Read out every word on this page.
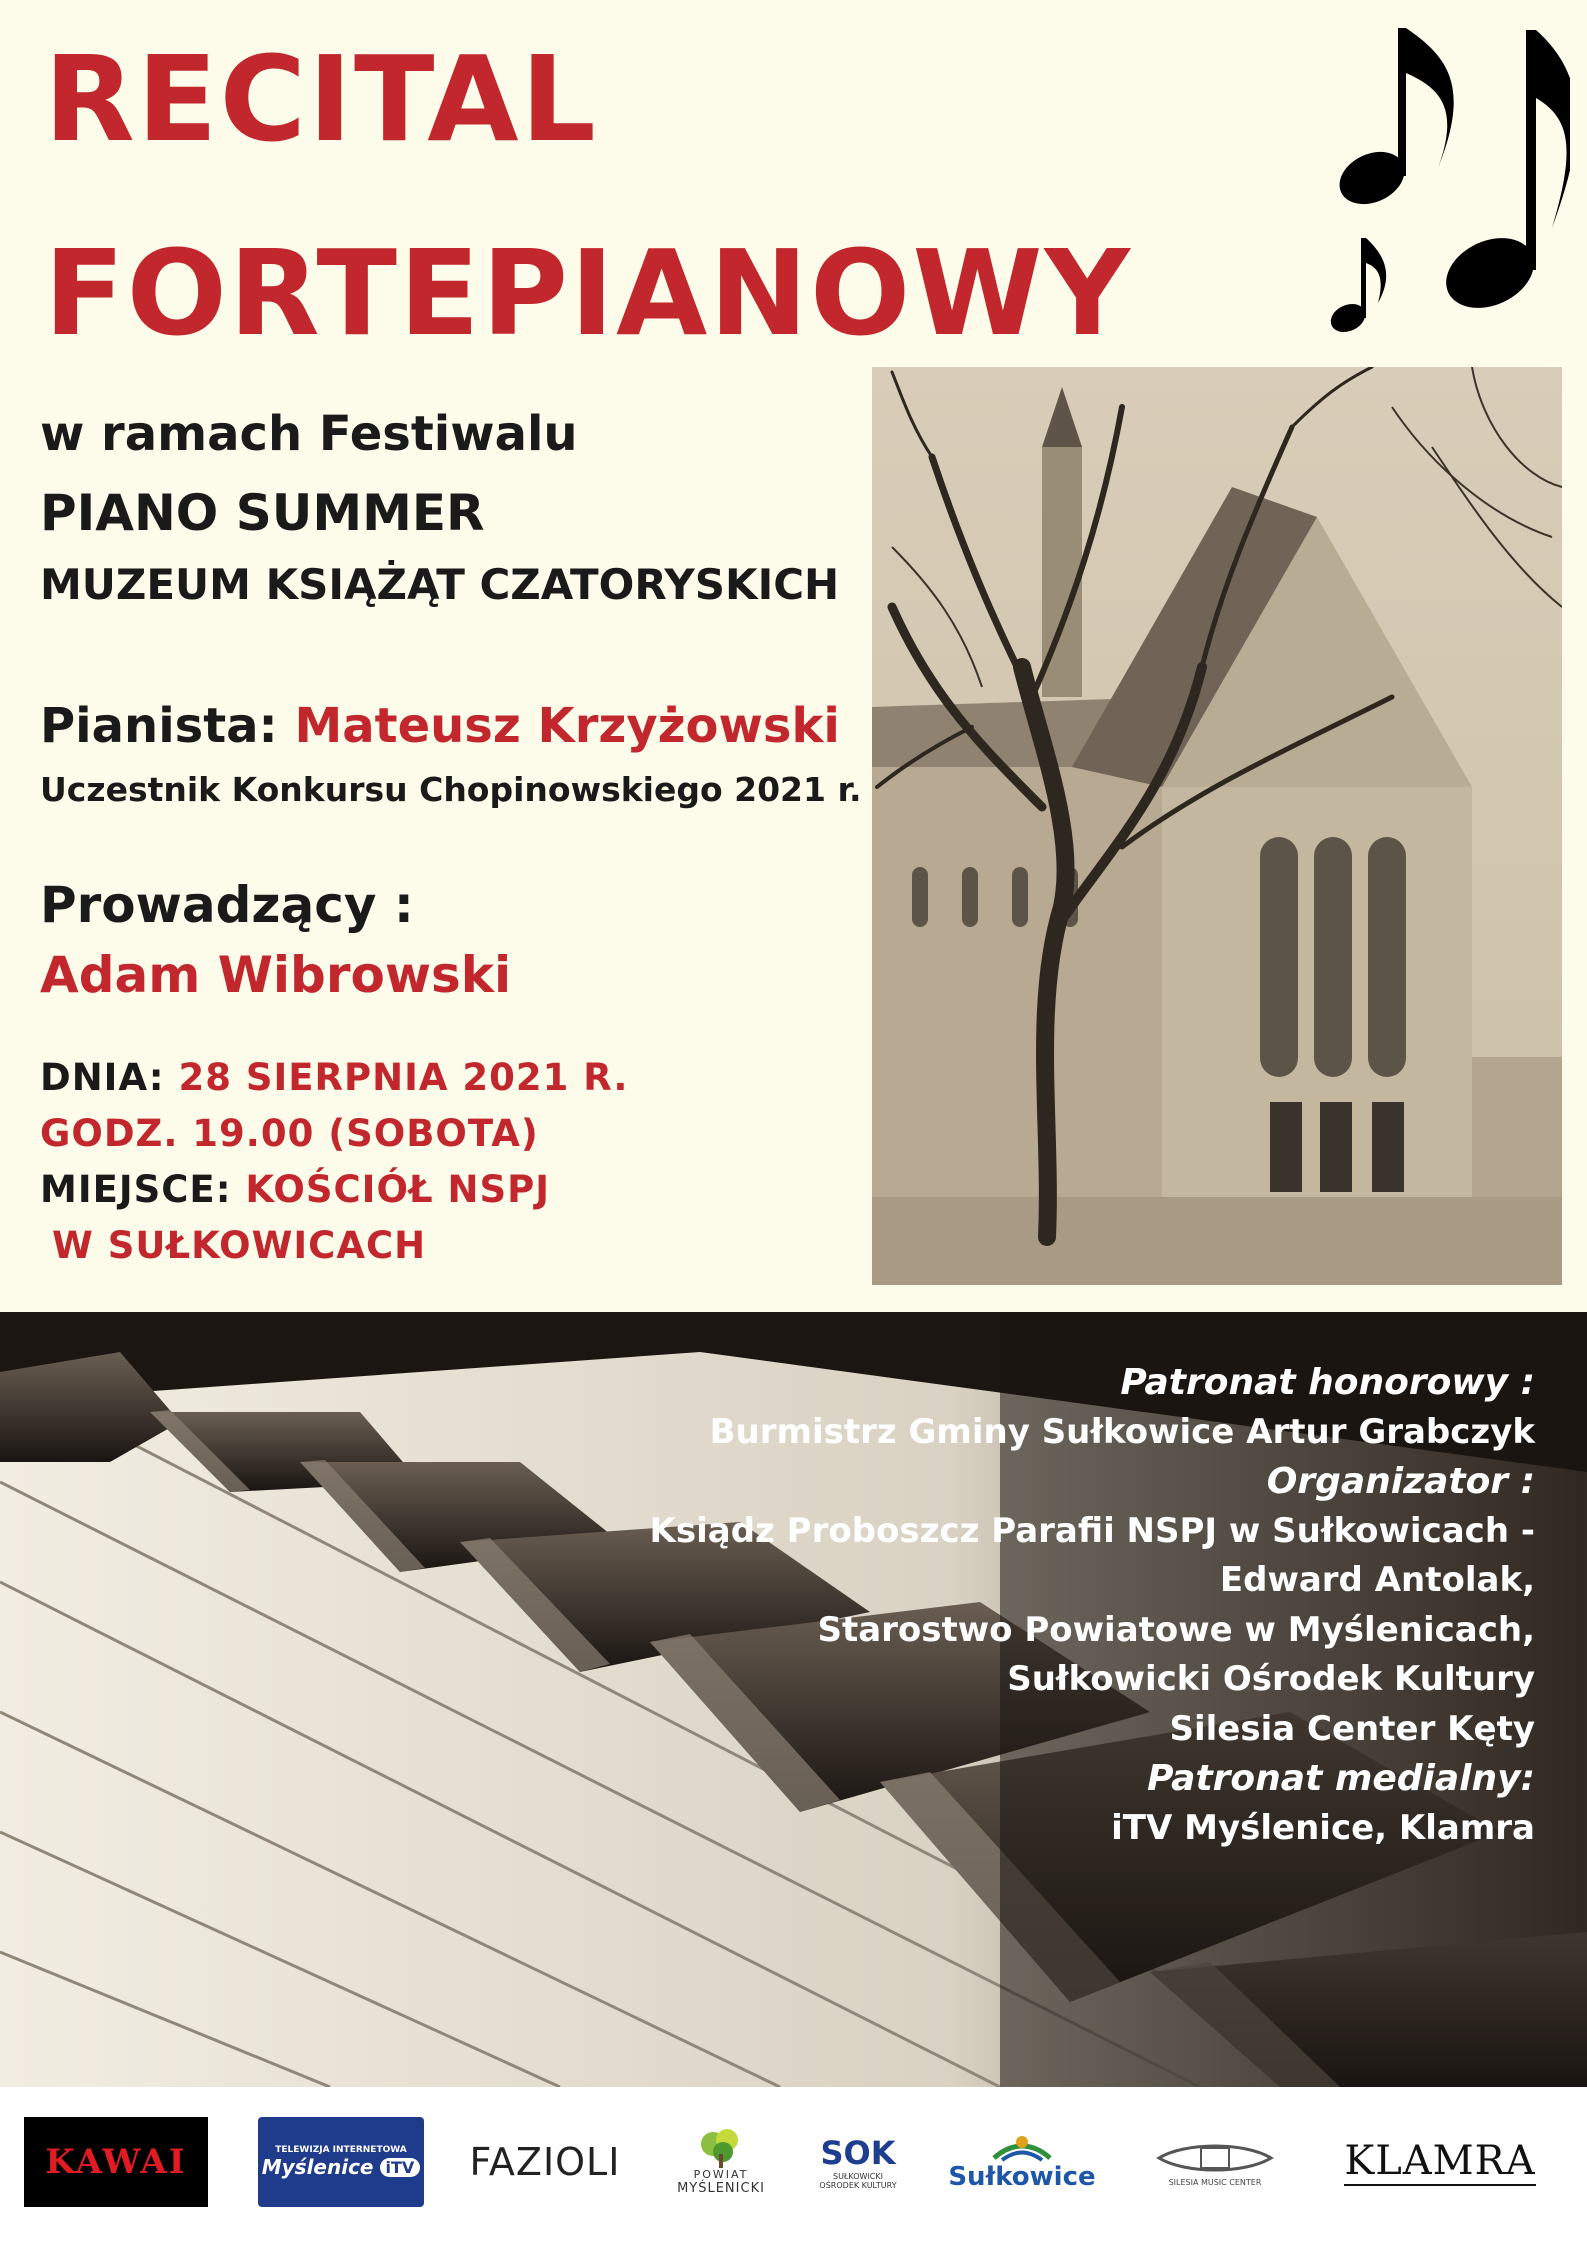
RECITAL
FORTEPIANOWY
w ramach Festiwalu
PIANO SUMMER
MUZEUM KSIĄŻĄT CZATORYSKICH
Pianista: Mateusz Krzyżowski
Uczestnik Konkursu Chopinowskiego 2021 r.
Prowadzący :
Adam Wibrowski
DNIA: 28 SIERPNIA 2021 R.
GODZ. 19.00 (SOBOTA)
MIEJSCE: KOŚCIÓŁ NSPJ
W SUŁKOWICACH
Patronat honorowy :
Burmistrz Gminy Sułkowice Artur Grabczyk
Organizator :
Ksiądz Proboszcz Parafii NSPJ w Sułkowicach -
Edward Antolak,
Starostwo Powiatowe w Myślenicach,
Sułkowicki Ośrodek Kultury
Silesia Center Kęty
Patronat medialny:
iTV Myślenice, Klamra
KAWAI	TELEWIZJA INTERNETOWA
Myślenice iTV FAZIOLI	POWIAT
MYŚLENICKI
SOK
SUŁKOWICKI
OŚRODEK KULTURY Sułkowice	SILESIA MUSIC CENTER KLAMRA
